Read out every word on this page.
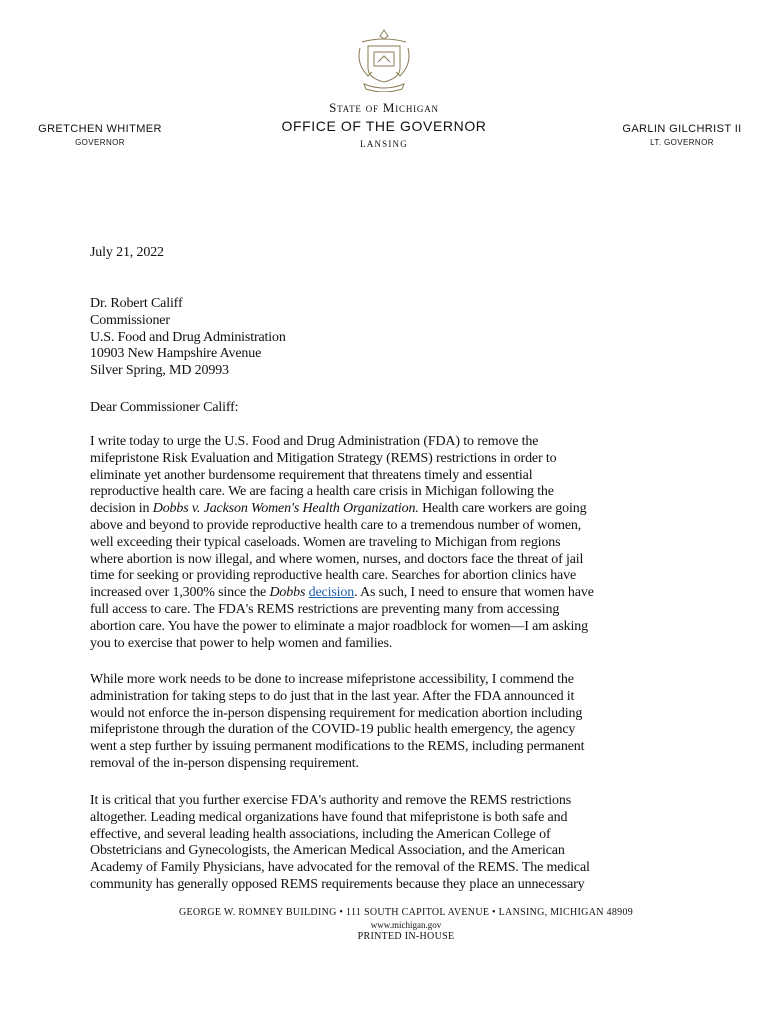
State of Michigan
OFFICE OF THE GOVERNOR
LANSING
GRETCHEN WHITMER
GOVERNOR
GARLIN GILCHRIST II
LT. GOVERNOR
July 21, 2022
Dr. Robert Califf
Commissioner
U.S. Food and Drug Administration
10903 New Hampshire Avenue
Silver Spring, MD 20993
Dear Commissioner Califf:
I write today to urge the U.S. Food and Drug Administration (FDA) to remove the
mifepristone Risk Evaluation and Mitigation Strategy (REMS) restrictions in order to
eliminate yet another burdensome requirement that threatens timely and essential
reproductive health care. We are facing a health care crisis in Michigan following the
decision in Dobbs v. Jackson Women's Health Organization. Health care workers are going
above and beyond to provide reproductive health care to a tremendous number of women,
well exceeding their typical caseloads. Women are traveling to Michigan from regions
where abortion is now illegal, and where women, nurses, and doctors face the threat of jail
time for seeking or providing reproductive health care. Searches for abortion clinics have
increased over 1,300% since the Dobbs decision. As such, I need to ensure that women have
full access to care. The FDA's REMS restrictions are preventing many from accessing
abortion care. You have the power to eliminate a major roadblock for women—I am asking
you to exercise that power to help women and families.
While more work needs to be done to increase mifepristone accessibility, I commend the
administration for taking steps to do just that in the last year. After the FDA announced it
would not enforce the in-person dispensing requirement for medication abortion including
mifepristone through the duration of the COVID-19 public health emergency, the agency
went a step further by issuing permanent modifications to the REMS, including permanent
removal of the in-person dispensing requirement.
It is critical that you further exercise FDA's authority and remove the REMS restrictions
altogether. Leading medical organizations have found that mifepristone is both safe and
effective, and several leading health associations, including the American College of
Obstetricians and Gynecologists, the American Medical Association, and the American
Academy of Family Physicians, have advocated for the removal of the REMS. The medical
community has generally opposed REMS requirements because they place an unnecessary
GEORGE W. ROMNEY BUILDING • 111 SOUTH CAPITOL AVENUE • LANSING, MICHIGAN 48909
www.michigan.gov
PRINTED IN-HOUSE
